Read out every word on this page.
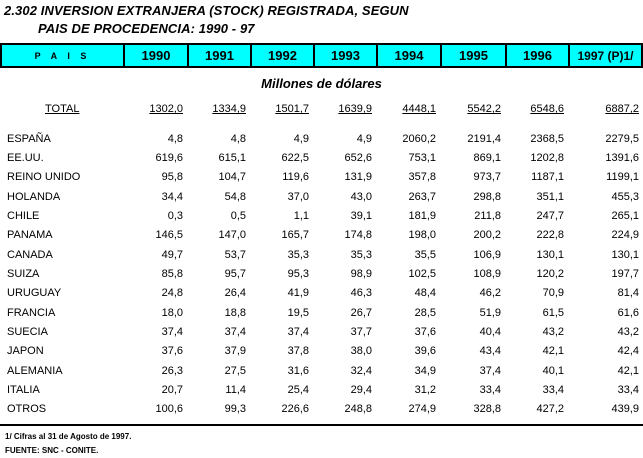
2.302 INVERSION EXTRANJERA (STOCK) REGISTRADA, SEGUN
PAIS DE PROCEDENCIA: 1990 - 97
P A I S	1990	1991	1992	1993	1994	1995	1996	1997 (P)1/
Millones de dólares
TOTAL	1302,0	1334,9	1501,7	1639,9	4448,1	5542,2	6548,6	6887,2
ESPAÑA	4,8	4,8	4,9	4,9	2060,2	2191,4	2368,5	2279,5
EE.UU.	619,6	615,1	622,5	652,6	753,1	869,1	1202,8	1391,6
REINO UNIDO	95,8	104,7	119,6	131,9	357,8	973,7	1187,1	1199,1
HOLANDA	34,4	54,8	37,0	43,0	263,7	298,8	351,1	455,3
CHILE	0,3	0,5	1,1	39,1	181,9	211,8	247,7	265,1
PANAMA	146,5	147,0	165,7	174,8	198,0	200,2	222,8	224,9
CANADA	49,7	53,7	35,3	35,3	35,5	106,9	130,1	130,1
SUIZA	85,8	95,7	95,3	98,9	102,5	108,9	120,2	197,7
URUGUAY	24,8	26,4	41,9	46,3	48,4	46,2	70,9	81,4
FRANCIA	18,0	18,8	19,5	26,7	28,5	51,9	61,5	61,6
SUECIA	37,4	37,4	37,4	37,7	37,6	40,4	43,2	43,2
JAPON	37,6	37,9	37,8	38,0	39,6	43,4	42,1	42,4
ALEMANIA	26,3	27,5	31,6	32,4	34,9	37,4	40,1	42,1
ITALIA	20,7	11,4	25,4	29,4	31,2	33,4	33,4	33,4
OTROS	100,6	99,3	226,6	248,8	274,9	328,8	427,2	439,9
1/ Cifras al 31 de Agosto de 1997.
FUENTE: SNC - CONITE.
